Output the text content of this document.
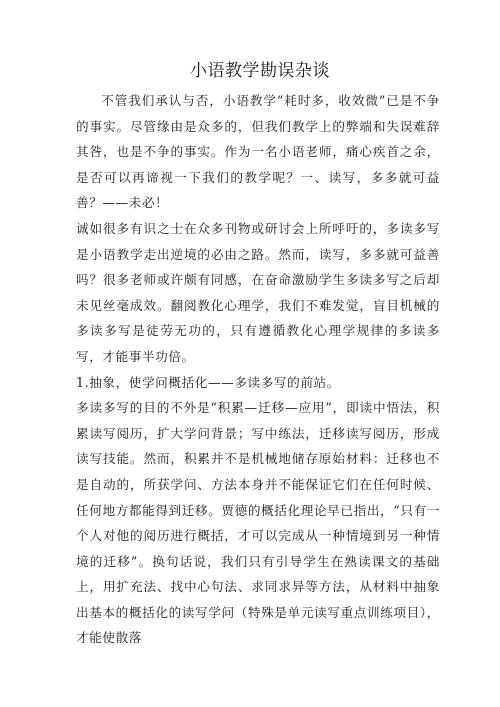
小语教学勘误杂谈

不管我们承认与否，小语教学“耗时多，收效微”已是不争的事实。尽管缘由是众多的，但我们教学上的弊端和失误难辞其咎，也是不争的事实。作为一名小语老师，痛心疾首之余，是否可以再谛视一下我们的教学呢？一、读写，多多就可益善？——未必！

诚如很多有识之士在众多刊物或研讨会上所呼吁的，多读多写是小语教学走出逆境的必由之路。然而，读写，多多就可益善吗？很多老师或许颇有同感，在奋命激励学生多读多写之后却未见丝毫成效。翻阅教化心理学，我们不难发觉，盲目机械的多读多写是徒劳无功的，只有遵循教化心理学规律的多读多写，才能事半功倍。

1.抽象，使学问概括化——多读多写的前站。

多读多写的目的不外是“积累—迁移—应用”，即读中悟法，积累读写阅历，扩大学问背景；写中练法，迁移读写阅历，形成读写技能。然而，积累并不是机械地储存原始材料：迁移也不是自动的，所获学问、方法本身并不能保证它们在任何时候、任何地方都能得到迁移。贾德的概括化理论早已指出，“只有一个人对他的阅历进行概括，才可以完成从一种情境到另一种情境的迁移”。换句话说，我们只有引导学生在熟读课文的基础上，用扩充法、找中心句法、求同求异等方法，从材料中抽象出基本的概括化的读写学问（特殊是单元读写重点训练项目），才能使散落
